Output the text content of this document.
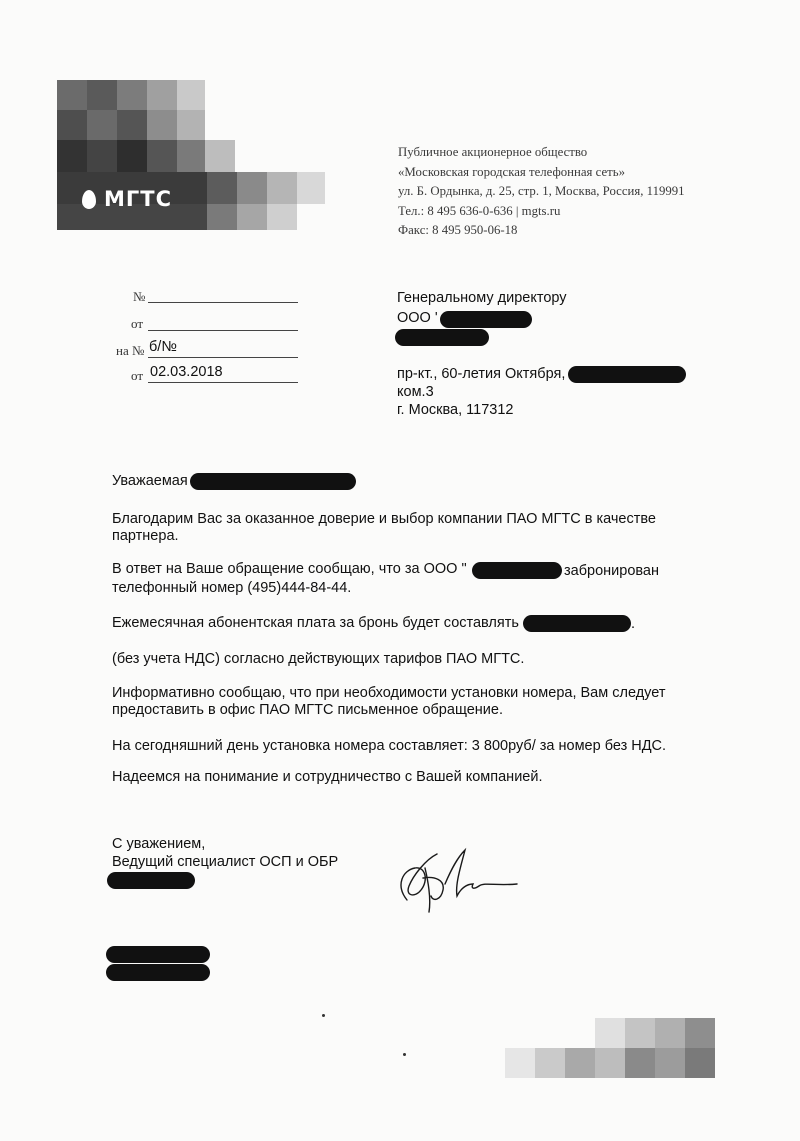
МГТС
Публичное акционерное общество
«Московская городская телефонная сеть»
ул. Б. Ордынка, д. 25, стр. 1, Москва, Россия, 119991
Тел.: 8 495 636-0-636 | mgts.ru
Факс: 8 495 950-06-18
№
от
на № б/№
от 02.03.2018
Генеральному директору
ООО '
пр-кт., 60-летия Октября,
ком.3
г. Москва, 117312
Уважаемая
Благодарим Вас за оказанное доверие и выбор компании ПАО МГТС в качестве партнера.
В ответ на Ваше обращение сообщаю, что за ООО "	забронирован
телефонный номер (495)444-84-44.
Ежемесячная абонентская плата за бронь будет составлять	.
(без учета НДС) согласно действующих тарифов ПАО МГТС.
Информативно сообщаю, что при необходимости установки номера, Вам следует предоставить в офис ПАО МГТС письменное обращение.
На сегодняшний день установка номера составляет: 3 800руб/ за номер без НДС.
Надеемся на понимание и сотрудничество с Вашей компанией.
С уважением,
Ведущий специалист ОСП и ОБР
